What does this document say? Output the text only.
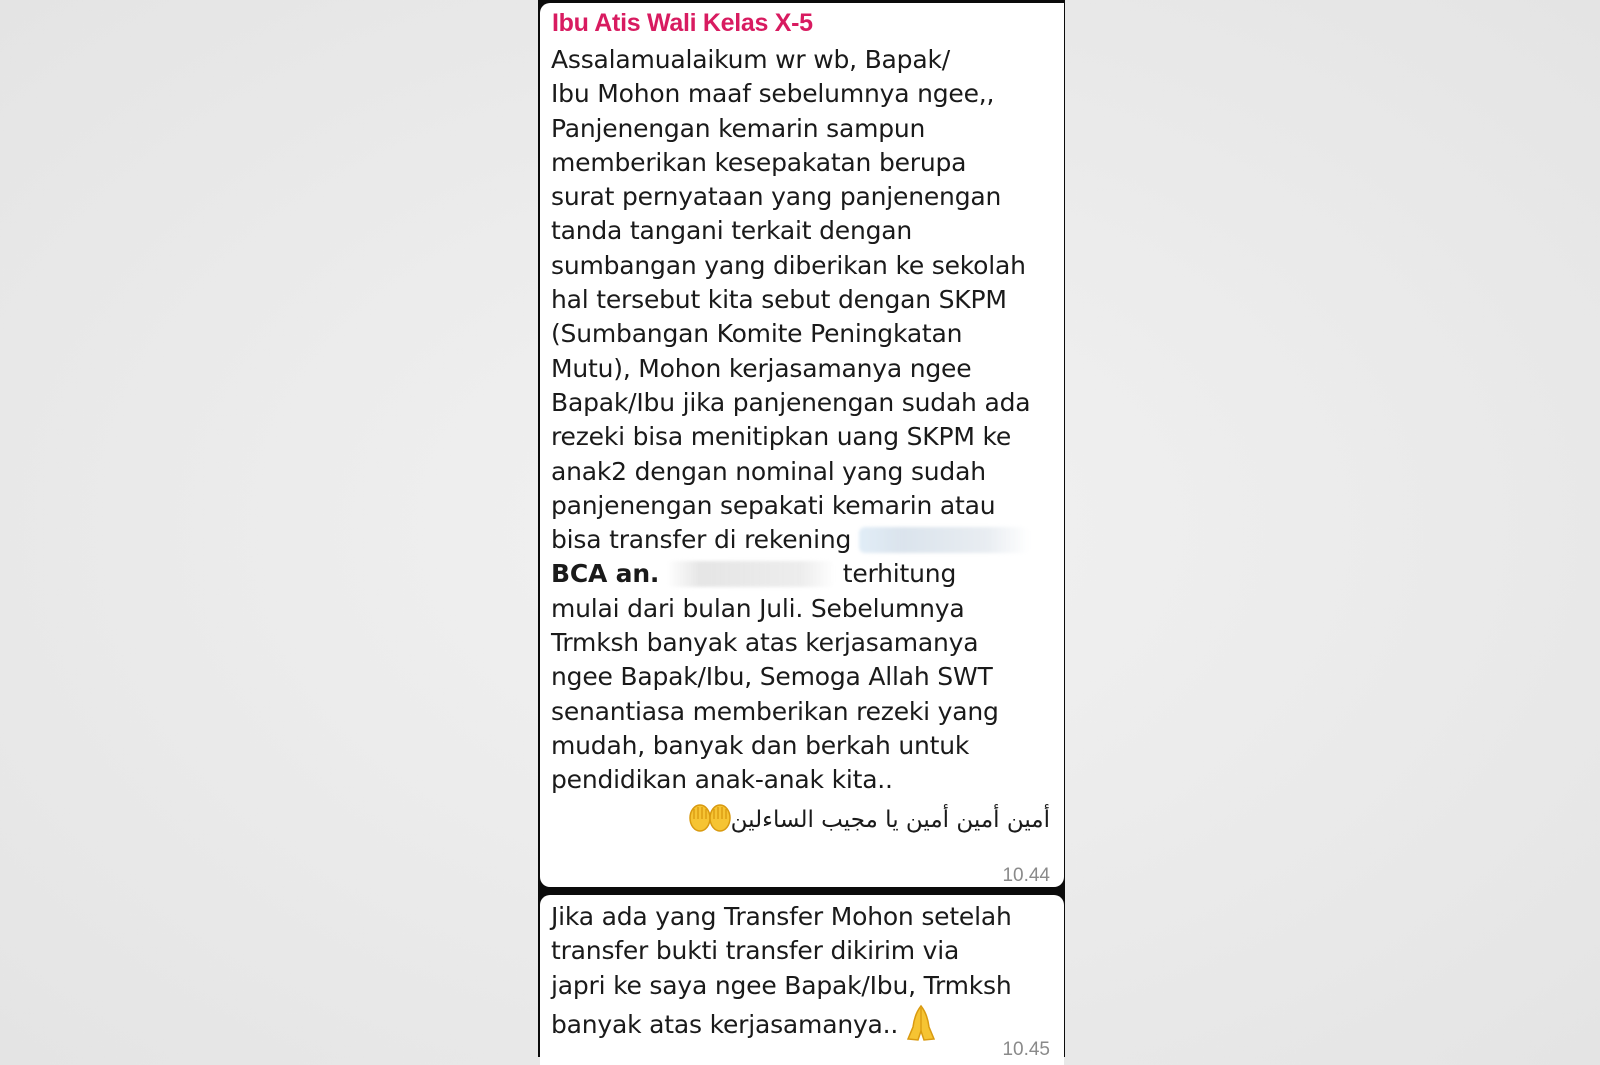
Ibu Atis Wali Kelas X-5

Assalamualaikum wr wb, Bapak/

Ibu Mohon maaf sebelumnya ngee,,

Panjenengan kemarin sampun

memberikan kesepakatan berupa

surat pernyataan yang panjenengan

tanda tangani terkait dengan

sumbangan yang diberikan ke sekolah

hal tersebut kita sebut dengan SKPM

(Sumbangan Komite Peningkatan

Mutu), Mohon kerjasamanya ngee

Bapak/Ibu jika panjenengan sudah ada

rezeki bisa menitipkan uang SKPM ke

anak2 dengan nominal yang sudah

panjenengan sepakati kemarin atau

bisa transfer di rekening

BCA an.	terhitung

mulai dari bulan Juli. Sebelumnya

Trmksh banyak atas kerjasamanya

ngee Bapak/Ibu, Semoga Allah SWT

senantiasa memberikan rezeki yang

mudah, banyak dan berkah untuk

pendidikan anak-anak kita..

أمين أمين أمين يا مجيب الساءلين

10.44

Jika ada yang Transfer Mohon setelah

transfer bukti transfer dikirim via

japri ke saya ngee Bapak/Ibu, Trmksh

banyak atas kerjasamanya..

10.45
